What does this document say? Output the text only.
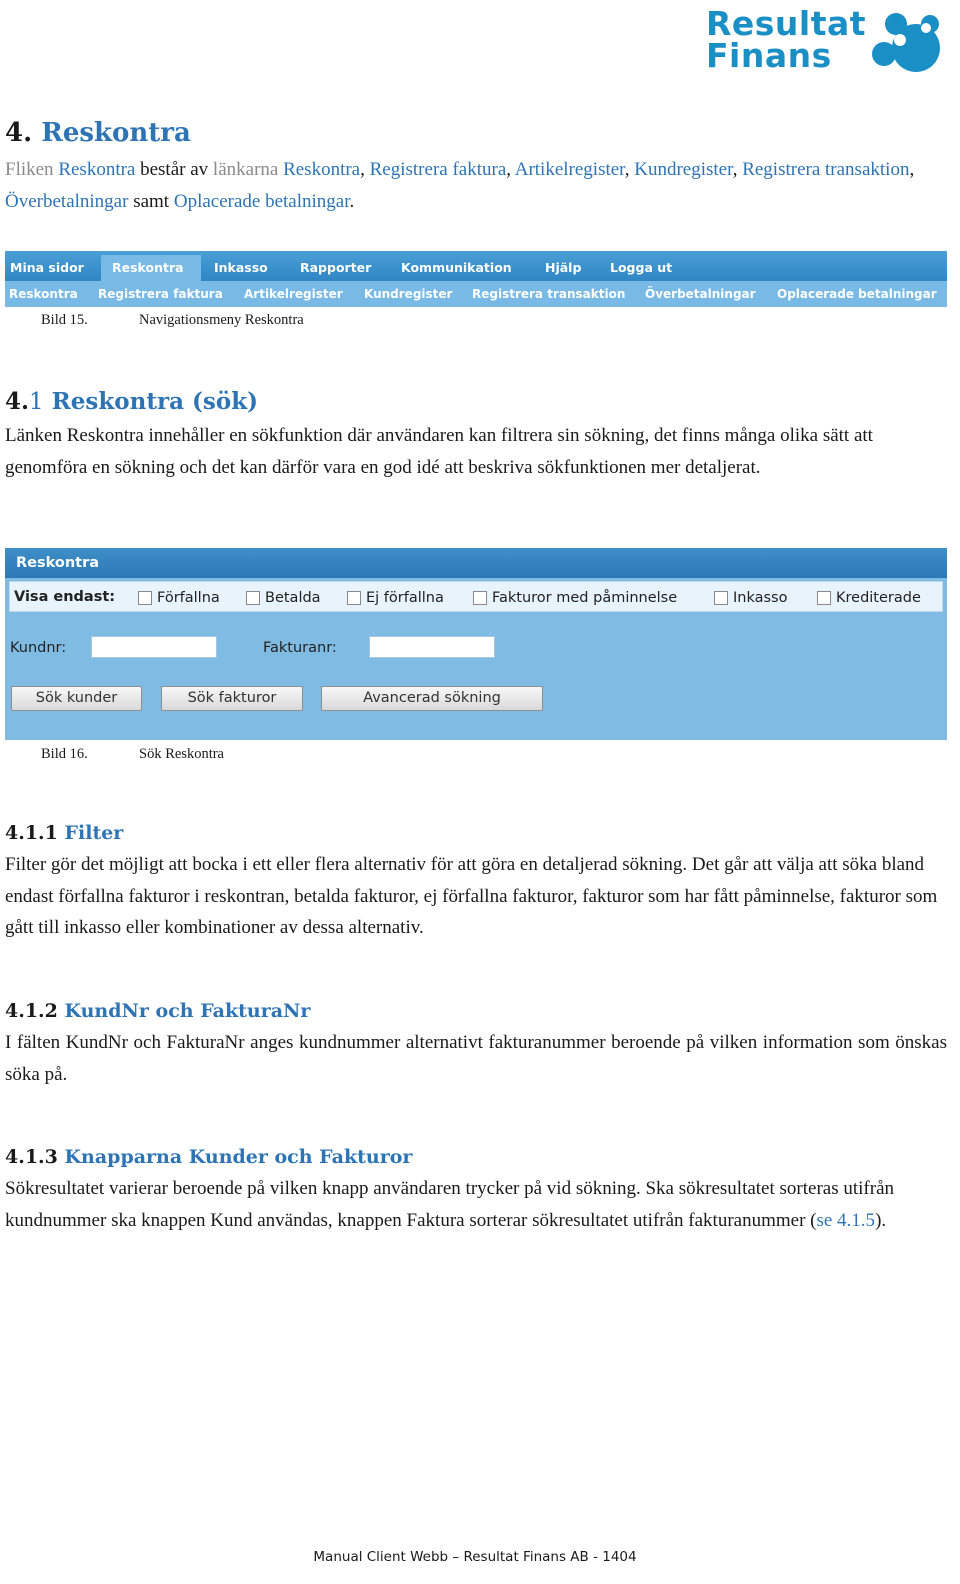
Resultat
Finans
4. Reskontra
Fliken Reskontra består av länkarna Reskontra, Registrera faktura, Artikelregister, Kundregister, Registrera transaktion, Överbetalningar samt Oplacerade betalningar.
Mina sidor Reskontra Inkasso	Rapporter Kommunikation	Hjälp Logga ut
Reskontra Registrera faktura Artikelregister Kundregister Registrera transaktion Överbetalningar Oplacerade betalningar
Bild 15.	Navigationsmeny Reskontra
4.1 Reskontra (sök)
Länken Reskontra innehåller en sökfunktion där användaren kan filtrera sin sökning, det finns många olika sätt att genomföra en sökning och det kan därför vara en god idé att beskriva sökfunktionen mer detaljerat.
Reskontra
Visa endast:	Förfallna	Betalda	Ej förfallna	Fakturor med påminnelse	Inkasso	Krediterade
Kundnr:	Fakturanr:
Sök kunder	Sök fakturor	Avancerad sökning
Bild 16.	Sök Reskontra
4.1.1 Filter
Filter gör det möjligt att bocka i ett eller flera alternativ för att göra en detaljerad sökning. Det går att välja att söka bland endast förfallna fakturor i reskontran, betalda fakturor, ej förfallna fakturor, fakturor som har fått påminnelse, fakturor som gått till inkasso eller kombinationer av dessa alternativ.
4.1.2 KundNr och FakturaNr
I fälten KundNr och FakturaNr anges kundnummer alternativt fakturanummer beroende på vilken information som önskas söka på.
4.1.3 Knapparna Kunder och Fakturor
Sökresultatet varierar beroende på vilken knapp användaren trycker på vid sökning. Ska sökresultatet sorteras utifrån kundnummer ska knappen Kund användas, knappen Faktura sorterar sökresultatet utifrån fakturanummer (se 4.1.5).
Manual Client Webb – Resultat Finans AB - 1404
